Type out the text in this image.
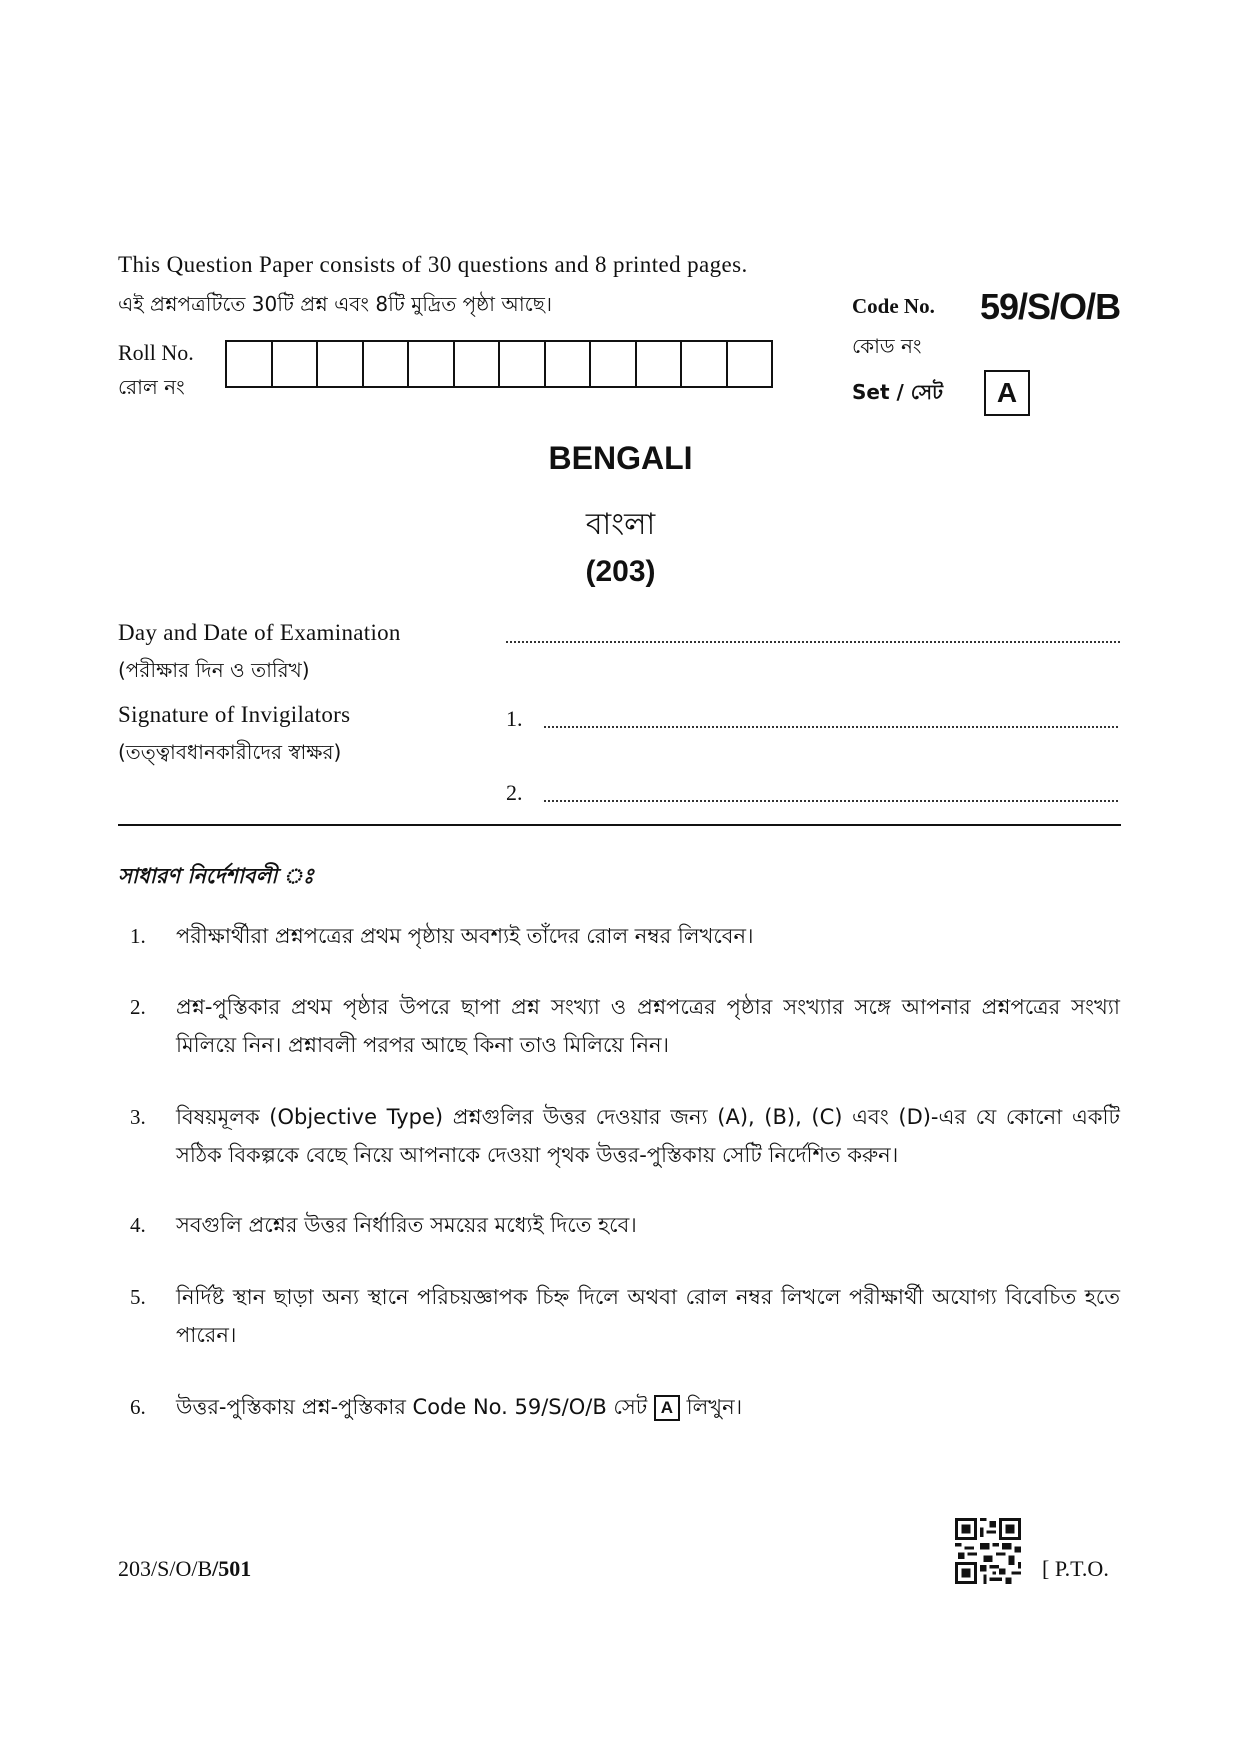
This Question Paper consists of 30 questions and 8 printed pages.
এই প্রশ্নপত্রটিতে 30টি প্রশ্ন এবং 8টি মুদ্রিত পৃষ্ঠা আছে।
Roll No.
রোল নং
Code No. 59/S/O/B
কোড নং
Set / সেট	A
BENGALI
বাংলা
(203)
Day and Date of Examination
(পরীক্ষার দিন ও তারিখ)
Signature of Invigilators
(তত্ত্বাবধানকারীদের স্বাক্ষর)
1.
2.
সাধারণ নির্দেশাবলী ঃ
1. পরীক্ষার্থীরা প্রশ্নপত্রের প্রথম পৃষ্ঠায় অবশ্যই তাঁদের রোল নম্বর লিখবেন।
2. প্রশ্ন-পুস্তিকার প্রথম পৃষ্ঠার উপরে ছাপা প্রশ্ন সংখ্যা ও প্রশ্নপত্রের পৃষ্ঠার সংখ্যার সঙ্গে আপনার প্রশ্নপত্রের সংখ্যা মিলিয়ে নিন। প্রশ্নাবলী পরপর আছে কিনা তাও মিলিয়ে নিন।
3. বিষয়মূলক (Objective Type) প্রশ্নগুলির উত্তর দেওয়ার জন্য (A), (B), (C) এবং (D)-এর যে কোনো একটি সঠিক বিকল্পকে বেছে নিয়ে আপনাকে দেওয়া পৃথক উত্তর-পুস্তিকায় সেটি নির্দেশিত করুন।
4. সবগুলি প্রশ্নের উত্তর নির্ধারিত সময়ের মধ্যেই দিতে হবে।
5. নির্দিষ্ট স্থান ছাড়া অন্য স্থানে পরিচয়জ্ঞাপক চিহ্ন দিলে অথবা রোল নম্বর লিখলে পরীক্ষার্থী অযোগ্য বিবেচিত হতে পারেন।
6. উত্তর-পুস্তিকায় প্রশ্ন-পুস্তিকার Code No. 59/S/O/B সেট A লিখুন।
203/S/O/B/501	[ P.T.O.
